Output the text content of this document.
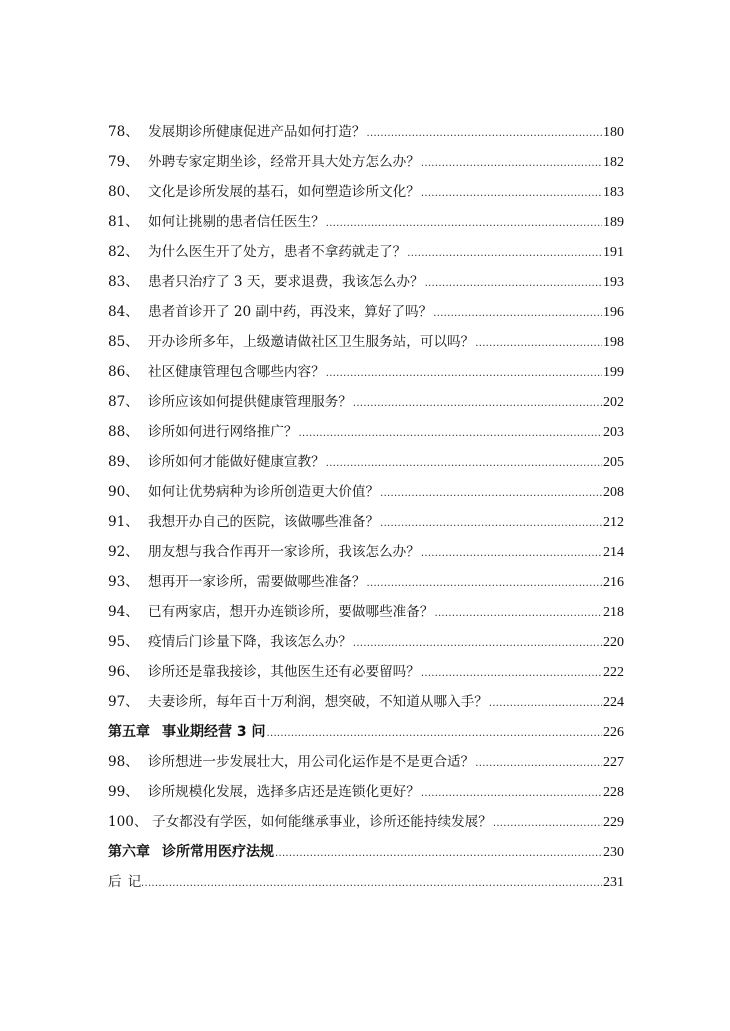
78、 发展期诊所健康促进产品如何打造？ .....	180
79、 外聘专家定期坐诊，经常开具大处方怎么办？ .....	182
80、 文化是诊所发展的基石，如何塑造诊所文化？ .....	183
81、 如何让挑剔的患者信任医生？ .....	189
82、 为什么医生开了处方，患者不拿药就走了？ .....	191
83、 患者只治疗了 3 天，要求退费，我该怎么办？ .....	193
84、 患者首诊开了 20 副中药，再没来，算好了吗？ .....	196
85、 开办诊所多年，上级邀请做社区卫生服务站，可以吗？ .....	198
86、 社区健康管理包含哪些内容？ .....	199
87、 诊所应该如何提供健康管理服务？ .....	202
88、 诊所如何进行网络推广？ .....	203
89、 诊所如何才能做好健康宣教？ .....	205
90、 如何让优势病种为诊所创造更大价值？ .....	208
91、 我想开办自己的医院，该做哪些准备？ .....	212
92、 朋友想与我合作再开一家诊所，我该怎么办？ .....	214
93、 想再开一家诊所，需要做哪些准备？ .....	216
94、 已有两家店，想开办连锁诊所，要做哪些准备？ .....	218
95、 疫情后门诊量下降，我该怎么办？ .....	220
96、 诊所还是靠我接诊，其他医生还有必要留吗？ .....	222
97、 夫妻诊所，每年百十万利润，想突破，不知道从哪入手？ .....	224
第五章 事业期经营 3 问 .....	226
98、 诊所想进一步发展壮大，用公司化运作是不是更合适？ .....	227
99、 诊所规模化发展，选择多店还是连锁化更好？ .....	228
100、 子女都没有学医，如何能继承事业，诊所还能持续发展？ .....	229
第六章 诊所常用医疗法规 .....	230
后记 .....	231
